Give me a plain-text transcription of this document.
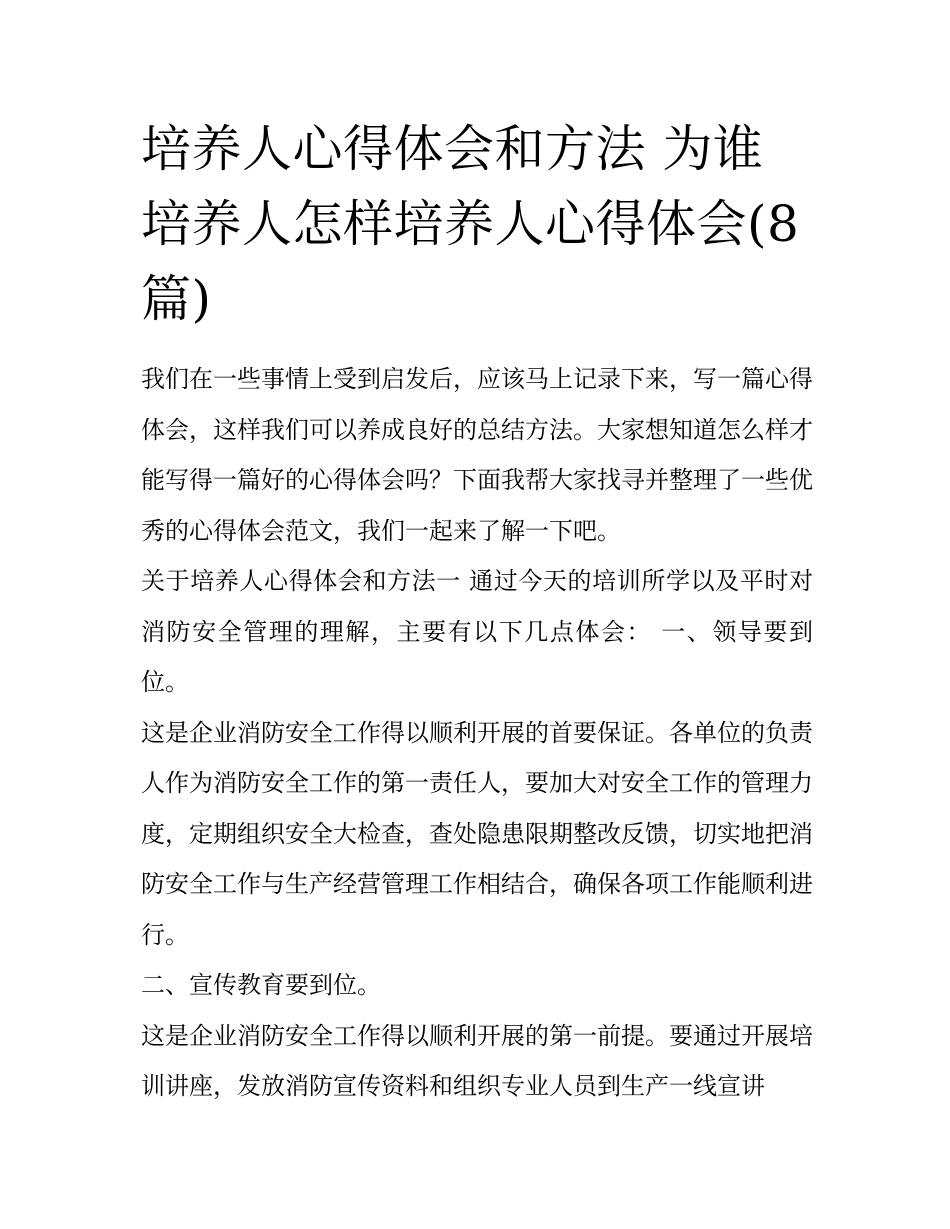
培养人心得体会和方法 为谁培养人怎样培养人心得体会(8篇)

我们在一些事情上受到启发后，应该马上记录下来，写一篇心得体会，这样我们可以养成良好的总结方法。大家想知道怎么样才能写得一篇好的心得体会吗？下面我帮大家找寻并整理了一些优秀的心得体会范文，我们一起来了解一下吧。

关于培养人心得体会和方法一 通过今天的培训所学以及平时对消防安全管理的理解，主要有以下几点体会： 一、领导要到位。

这是企业消防安全工作得以顺利开展的首要保证。各单位的负责人作为消防安全工作的第一责任人，要加大对安全工作的管理力度，定期组织安全大检查，查处隐患限期整改反馈，切实地把消防安全工作与生产经营管理工作相结合，确保各项工作能顺利进行。

二、宣传教育要到位。

这是企业消防安全工作得以顺利开展的第一前提。要通过开展培训讲座，发放消防宣传资料和组织专业人员到生产一线宣讲
